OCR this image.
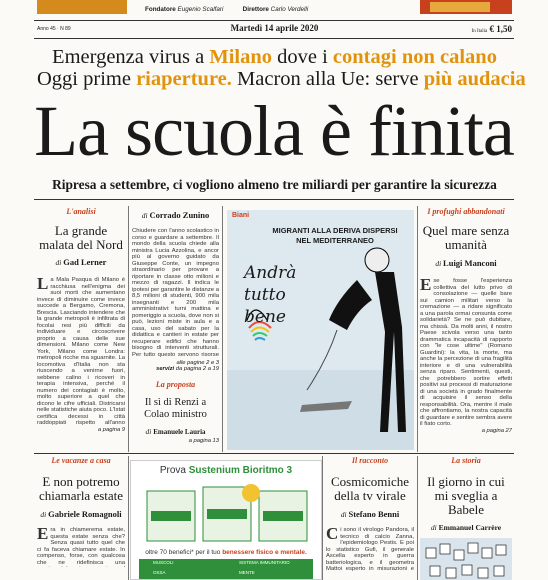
Fondatore Eugenio Scalfari	Direttore Carlo Verdelli
Anno 45 · N 89	Martedì 14 aprile 2020	In Italia € 1,50
Emergenza virus a Milano dove i contagi non calano
Oggi prime riaperture. Macron alla Ue: serve più audacia
La scuola è finita
Ripresa a settembre, ci vogliono almeno tre miliardi per garantire la sicurezza
L'analisi
La grande malata del Nord
di Gad Lerner
La Mala Pasqua di Milano è racchiusa nell'enigma dei suoi morti che aumentano invece di diminuire come invece succede a Bergamo, Cremona, Brescia. Lasciando intendere che la grande metropoli è infiltrata di focolai resi più difficili da individuare e circoscrivere proprio a causa delle sue dimensioni. Milano come New York, Milano come Londra: metropoli ricche ma sguarnite. La locomotiva d'Italia non sta riuscendo a venirne fuori, sebbene calino i ricoveri in terapia intensiva, perché il numero dei contagiati è molto, molto superiore a quel che dicono le cifre ufficiali. Districarsi nelle statistiche aiuta poco. L'Istat certifica decessi in città raddoppiati rispetto all'anno
a pagina 9
di Corrado Zunino
Chiudere con l'anno scolastico in corso e guardare a settembre. Il mondo della scuola chiede alla ministra Lucia Azzolina, e ancor più al governo guidato da Giuseppe Conte, un impegno straordinario per provare a riportare in classe otto milioni e mezzo di ragazzi. Il indica le ipotesi per garantire le distanze a 8,5 milioni di studenti, 900 mila insegnanti e 200 mila amministrativi: turni mattina e pomeriggio a scuola, dove non si può, lezioni miste in aula e a casa, uso del sabato per la didattica e cantieri in estate per recuperare edifici che hanno bisogno di interventi strutturali. Per tutto questo servono risorse
alle pagine 2 e 3
servizi da pagina 2 a 19
La proposta
Il sì di Renzi a Colao ministro
di Emanuele Lauria
a pagina 13
Biani
MIGRANTI ALLA DERIVA DISPERSI NEL MEDITERRANEO
Andrà tutto bene
I profughi abbandonati
Quel mare senza umanità
di Luigi Manconi
Ese fosse l'esperienza collettiva del lutto privo di consolazione — quelle bare sui camion militari verso la cremazione — a ridare significato a una parola ormai consunta come solidarietà? Se ne può dubitare, ma chissà. Da molti anni, il nostro Paese scivola verso una tanto drammatica incapacità di rapporto con "le cose ultime" (Romano Guardini): la vita, la morte, ma anche la percezione di una fragilità interiore e di una vulnerabilità senza riparo. Sentimenti, questi, che potrebbero sortire effetti positivi sui processi di maturazione di una società in grado finalmente di acquisire il senso della responsabilità. Ora, mentre il male che affrontiamo, la nostra capacità di guardare e sentire sembra avere il fiato corto.
a pagina 27
Le vacanze a casa
E non potremo chiamarla estate
di Gabriele Romagnoli
Era in chiamerema estate, questa estate senza che? Senza quasi tutto quel che ci fa faceva chiamare estate. In compenso, forse, con qualcosa che ne ridefinisca una
Prova Sustenium Bioritmo 3
oltre 70 benefici* per il tuo benessere fisico e mentale.
MUSCOLI	SISTEMA IMMUNITARIO
OSSA	MENTE
Il racconto
Cosmicomiche della tv virale
di Stefano Benni
Ci sono il virologo Pandora, il tecnico di calcio Zanna, l'epidemiologo Pestis. E poi lo statistico Gufi, il generale Ascella esperto in guerra batteriologica, e il geometra Mattoi esperto in misurazioni e
La storia
Il giorno in cui mi sveglia a Babele
di Emmanuel Carrère
